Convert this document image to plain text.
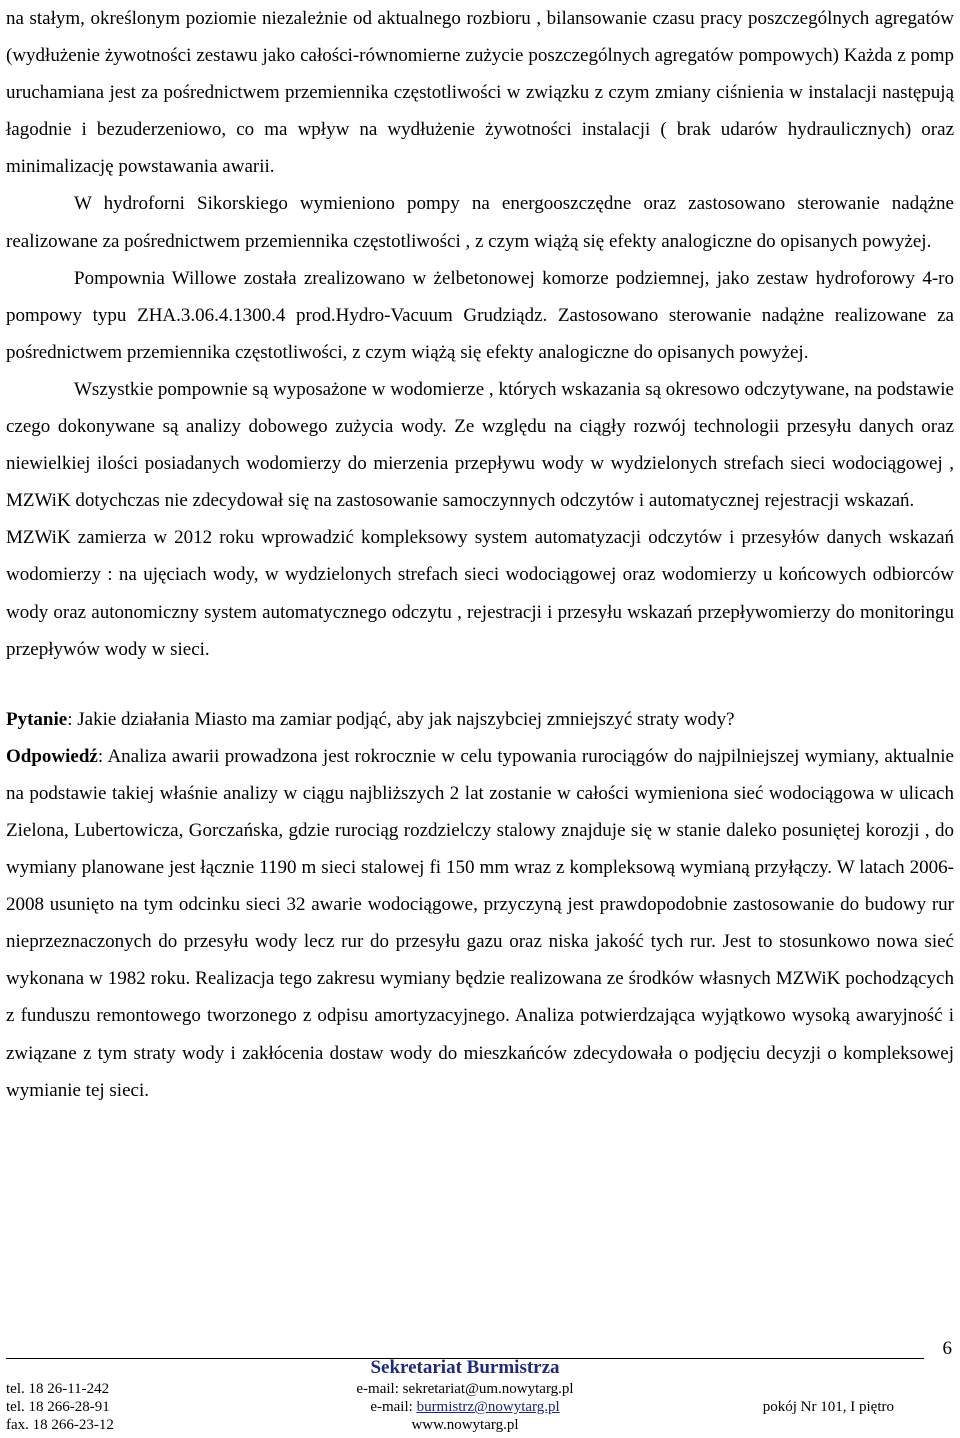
na stałym, określonym poziomie niezależnie od aktualnego rozbioru , bilansowanie czasu pracy poszczególnych agregatów (wydłużenie żywotności zestawu jako całości-równomierne zużycie poszczególnych agregatów pompowych) Każda z pomp uruchamiana jest za pośrednictwem przemiennika częstotliwości w związku z czym zmiany ciśnienia w instalacji następują łagodnie i bezuderzeniowo, co ma wpływ na wydłużenie żywotności instalacji ( brak udarów hydraulicznych) oraz minimalizację powstawania awarii.

W hydroforni Sikorskiego wymieniono pompy na energooszczędne oraz zastosowano sterowanie nadążne realizowane za pośrednictwem przemiennika częstotliwości , z czym wiążą się efekty analogiczne do opisanych powyżej.

Pompownia Willowe została zrealizowano w żelbetonowej komorze podziemnej, jako zestaw hydroforowy 4-ro pompowy typu ZHA.3.06.4.1300.4 prod.Hydro-Vacuum Grudziądz. Zastosowano sterowanie nadążne realizowane za pośrednictwem przemiennika częstotliwości, z czym wiążą się efekty analogiczne do opisanych powyżej.

Wszystkie pompownie są wyposażone w wodomierze , których wskazania są okresowo odczytywane, na podstawie czego dokonywane są analizy dobowego zużycia wody. Ze względu na ciągły rozwój technologii przesyłu danych oraz niewielkiej ilości posiadanych wodomierzy do mierzenia przepływu wody w wydzielonych strefach sieci wodociągowej , MZWiK dotychczas nie zdecydował się na zastosowanie samoczynnych odczytów i automatycznej rejestracji wskazań.

MZWiK zamierza w 2012 roku wprowadzić kompleksowy system automatyzacji odczytów i przesyłów danych wskazań wodomierzy : na ujęciach wody, w wydzielonych strefach sieci wodociągowej oraz wodomierzy u końcowych odbiorców wody oraz autonomiczny system automatycznego odczytu , rejestracji i przesyłu wskazań przepływomierzy do monitoringu przepływów wody w sieci.

Pytanie: Jakie działania Miasto ma zamiar podjąć, aby jak najszybciej zmniejszyć straty wody?

Odpowiedź: Analiza awarii prowadzona jest rokrocznie w celu typowania rurociągów do najpilniejszej wymiany, aktualnie na podstawie takiej właśnie analizy w ciągu najbliższych 2 lat zostanie w całości wymieniona sieć wodociągowa w ulicach Zielona, Lubertowicza, Gorczańska, gdzie rurociąg rozdzielczy stalowy znajduje się w stanie daleko posuniętej korozji , do wymiany planowane jest łącznie 1190 m sieci stalowej fi 150 mm wraz z kompleksową wymianą przyłączy. W latach 2006-2008 usunięto na tym odcinku sieci 32 awarie wodociągowe, przyczyną jest prawdopodobnie zastosowanie do budowy rur nieprzeznaczonych do przesyłu wody lecz rur do przesyłu gazu oraz niska jakość tych rur. Jest to stosunkowo nowa sieć wykonana w 1982 roku. Realizacja tego zakresu wymiany będzie realizowana ze środków własnych MZWiK pochodzących z funduszu remontowego tworzonego z odpisu amortyzacyjnego. Analiza potwierdzająca wyjątkowo wysoką awaryjność i związane z tym straty wody i zakłócenia dostaw wody do mieszkańców zdecydowała o podjęciu decyzji o kompleksowej wymianie tej sieci.

6
Sekretariat Burmistrza
tel. 18 26-11-242	e-mail: sekretariat@um.nowytarg.pl
tel. 18 266-28-91	e-mail: burmistrz@nowytarg.pl	pokój Nr 101, I piętro
fax. 18 266-23-12	www.nowytarg.pl
